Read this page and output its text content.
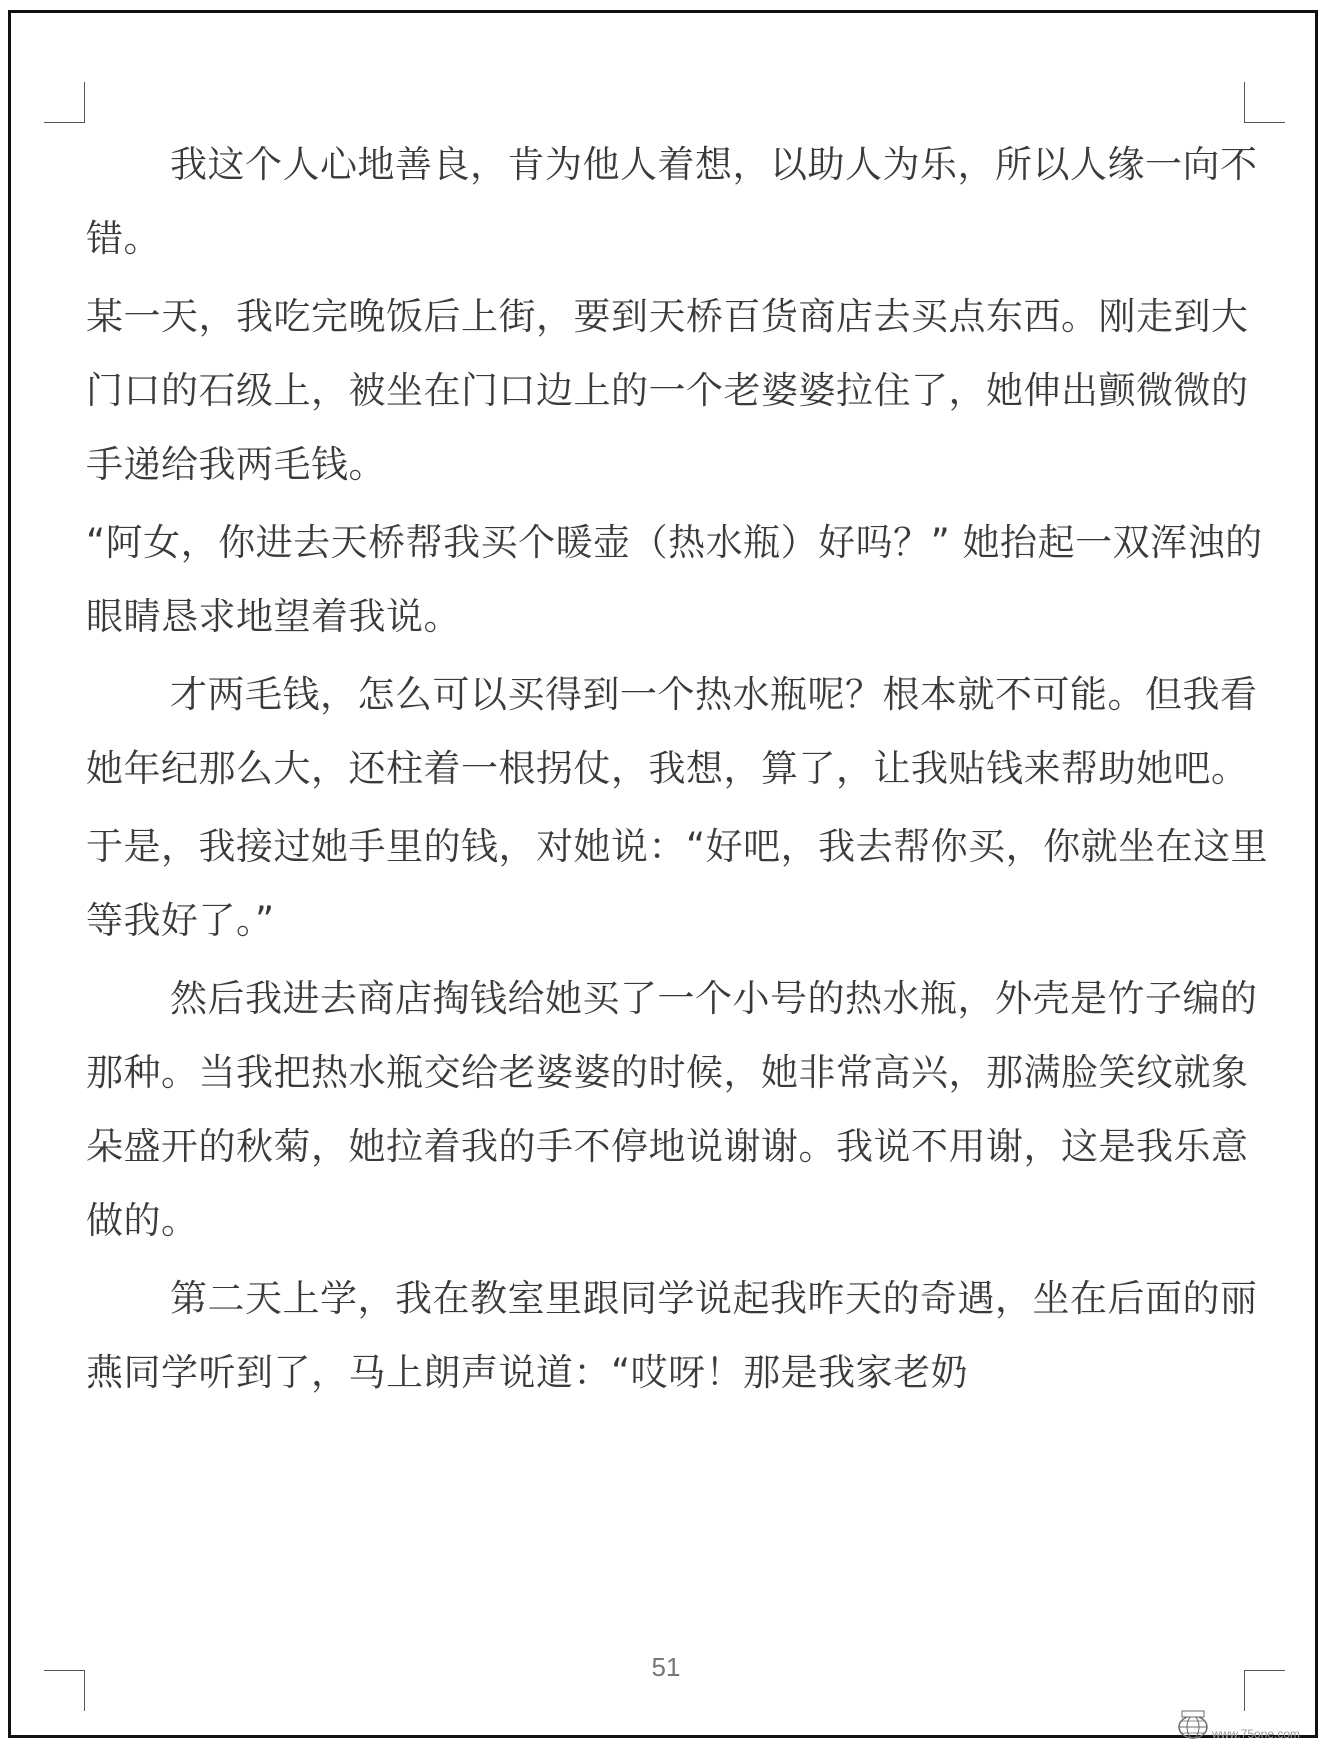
我这个人心地善良，肯为他人着想，以助人为乐，所以人缘一向不错。

某一天，我吃完晚饭后上街，要到天桥百货商店去买点东西。刚走到大门口的石级上，被坐在门口边上的一个老婆婆拉住了，她伸出颤微微的手递给我两毛钱。

“阿女，你进去天桥帮我买个暖壶（热水瓶）好吗？” 她抬起一双浑浊的眼睛恳求地望着我说。

才两毛钱，怎么可以买得到一个热水瓶呢？根本就不可能。但我看她年纪那么大，还柱着一根拐仗，我想，算了，让我贴钱来帮助她吧。

于是，我接过她手里的钱，对她说：“好吧，我去帮你买，你就坐在这里等我好了。”

然后我进去商店掏钱给她买了一个小号的热水瓶，外壳是竹子编的那种。当我把热水瓶交给老婆婆的时候，她非常高兴，那满脸笑纹就象朵盛开的秋菊，她拉着我的手不停地说谢谢。我说不用谢，这是我乐意做的。

第二天上学，我在教室里跟同学说起我昨天的奇遇，坐在后面的丽燕同学听到了，马上朗声说道：“哎呀！那是我家老奶

51
www.75one.com
